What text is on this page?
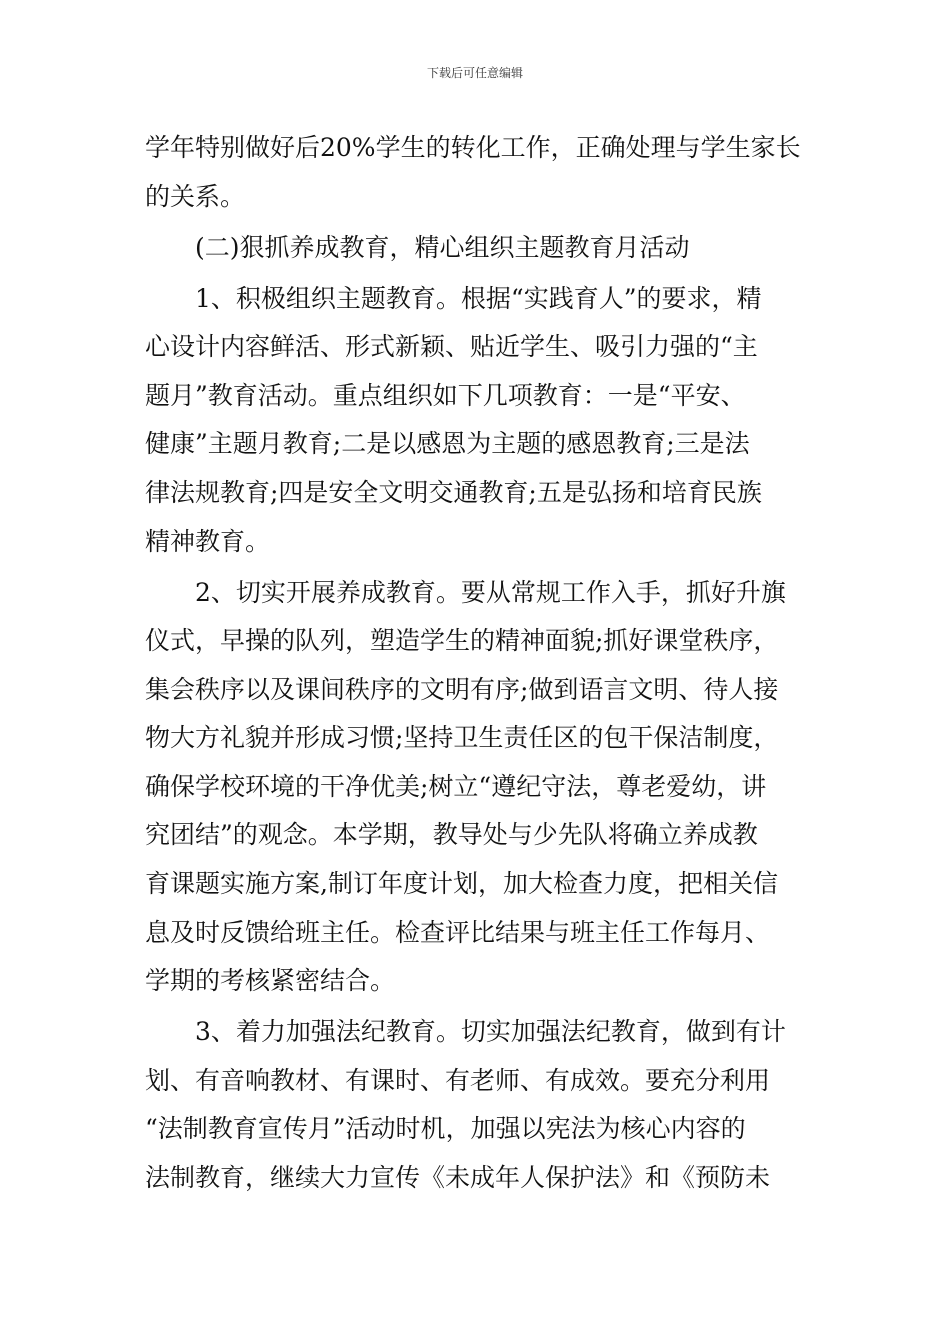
下载后可任意编辑
学年特别做好后20%学生的转化工作，正确处理与学生家长
的关系。
(二)狠抓养成教育，精心组织主题教育月活动
1、积极组织主题教育。根据“实践育人”的要求，精
心设计内容鲜活、形式新颖、贴近学生、吸引力强的“主
题月”教育活动。重点组织如下几项教育：一是“平安、
健康”主题月教育;二是以感恩为主题的感恩教育;三是法
律法规教育;四是安全文明交通教育;五是弘扬和培育民族
精神教育。
2、切实开展养成教育。要从常规工作入手，抓好升旗
仪式，早操的队列，塑造学生的精神面貌;抓好课堂秩序，
集会秩序以及课间秩序的文明有序;做到语言文明、待人接
物大方礼貌并形成习惯;坚持卫生责任区的包干保洁制度，
确保学校环境的干净优美;树立“遵纪守法，尊老爱幼，讲
究团结”的观念。本学期，教导处与少先队将确立养成教
育课题实施方案,制订年度计划，加大检查力度，把相关信
息及时反馈给班主任。检查评比结果与班主任工作每月、
学期的考核紧密结合。
3、着力加强法纪教育。切实加强法纪教育，做到有计
划、有音响教材、有课时、有老师、有成效。要充分利用
“法制教育宣传月”活动时机，加强以宪法为核心内容的
法制教育，继续大力宣传《未成年人保护法》和《预防未
